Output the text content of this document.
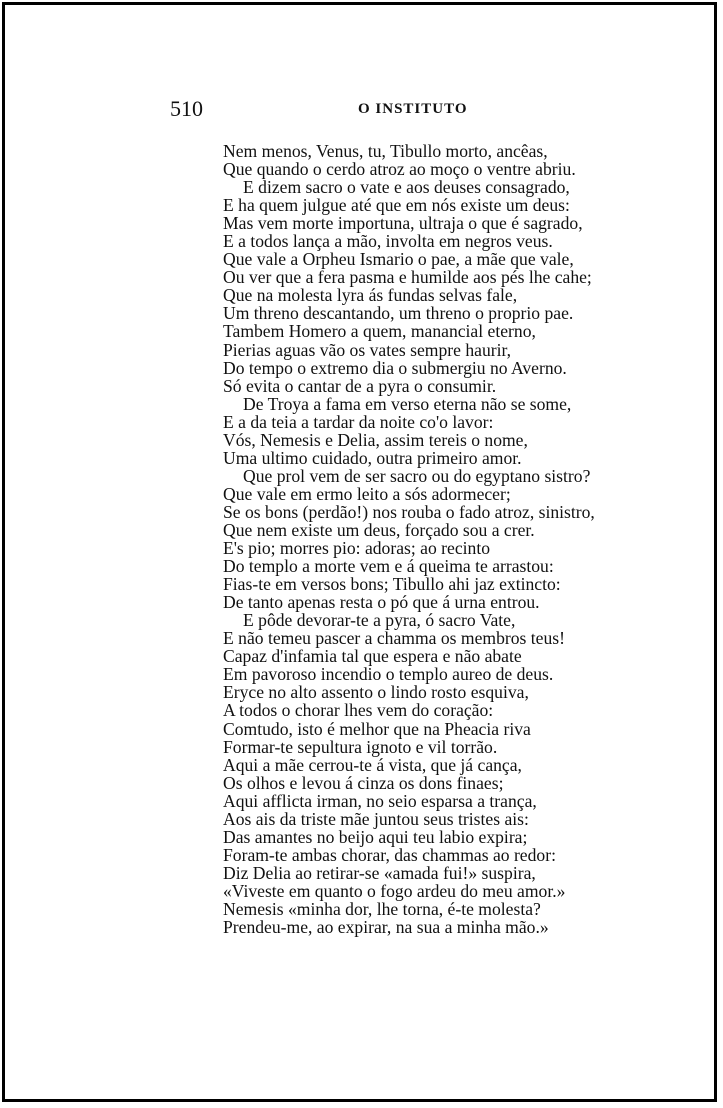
510	O INSTITUTO
Nem menos, Venus, tu, Tibullo morto, ancêas,
Que quando o cerdo atroz ao moço o ventre abriu.
E dizem sacro o vate e aos deuses consagrado,
E ha quem julgue até que em nós existe um deus:
Mas vem morte importuna, ultraja o que é sagrado,
E a todos lança a mão, involta em negros veus.
Que vale a Orpheu Ismario o pae, a mãe que vale,
Ou ver que a fera pasma e humilde aos pés lhe cahe;
Que na molesta lyra ás fundas selvas fale,
Um threno descantando, um threno o proprio pae.
Tambem Homero a quem, manancial eterno,
Pierias aguas vão os vates sempre haurir,
Do tempo o extremo dia o submergiu no Averno.
Só evita o cantar de a pyra o consumir.
De Troya a fama em verso eterna não se some,
E a da teia a tardar da noite co'o lavor:
Vós, Nemesis e Delia, assim tereis o nome,
Uma ultimo cuidado, outra primeiro amor.
Que prol vem de ser sacro ou do egyptano sistro?
Que vale em ermo leito a sós adormecer;
Se os bons (perdão!) nos rouba o fado atroz, sinistro,
Que nem existe um deus, forçado sou a crer.
E's pio; morres pio: adoras; ao recinto
Do templo a morte vem e á queima te arrastou:
Fias-te em versos bons; Tibullo ahi jaz extincto:
De tanto apenas resta o pó que á urna entrou.
E pôde devorar-te a pyra, ó sacro Vate,
E não temeu pascer a chamma os membros teus!
Capaz d'infamia tal que espera e não abate
Em pavoroso incendio o templo aureo de deus.
Eryce no alto assento o lindo rosto esquiva,
A todos o chorar lhes vem do coração:
Comtudo, isto é melhor que na Pheacia riva
Formar-te sepultura ignoto e vil torrão.
Aqui a mãe cerrou-te á vista, que já cança,
Os olhos e levou á cinza os dons finaes;
Aqui afflicta irman, no seio esparsa a trança,
Aos ais da triste mãe juntou seus tristes ais:
Das amantes no beijo aqui teu labio expira;
Foram-te ambas chorar, das chammas ao redor:
Diz Delia ao retirar-se «amada fui!» suspira,
«Viveste em quanto o fogo ardeu do meu amor.»
Nemesis «minha dor, lhe torna, é-te molesta?
Prendeu-me, ao expirar, na sua a minha mão.»
